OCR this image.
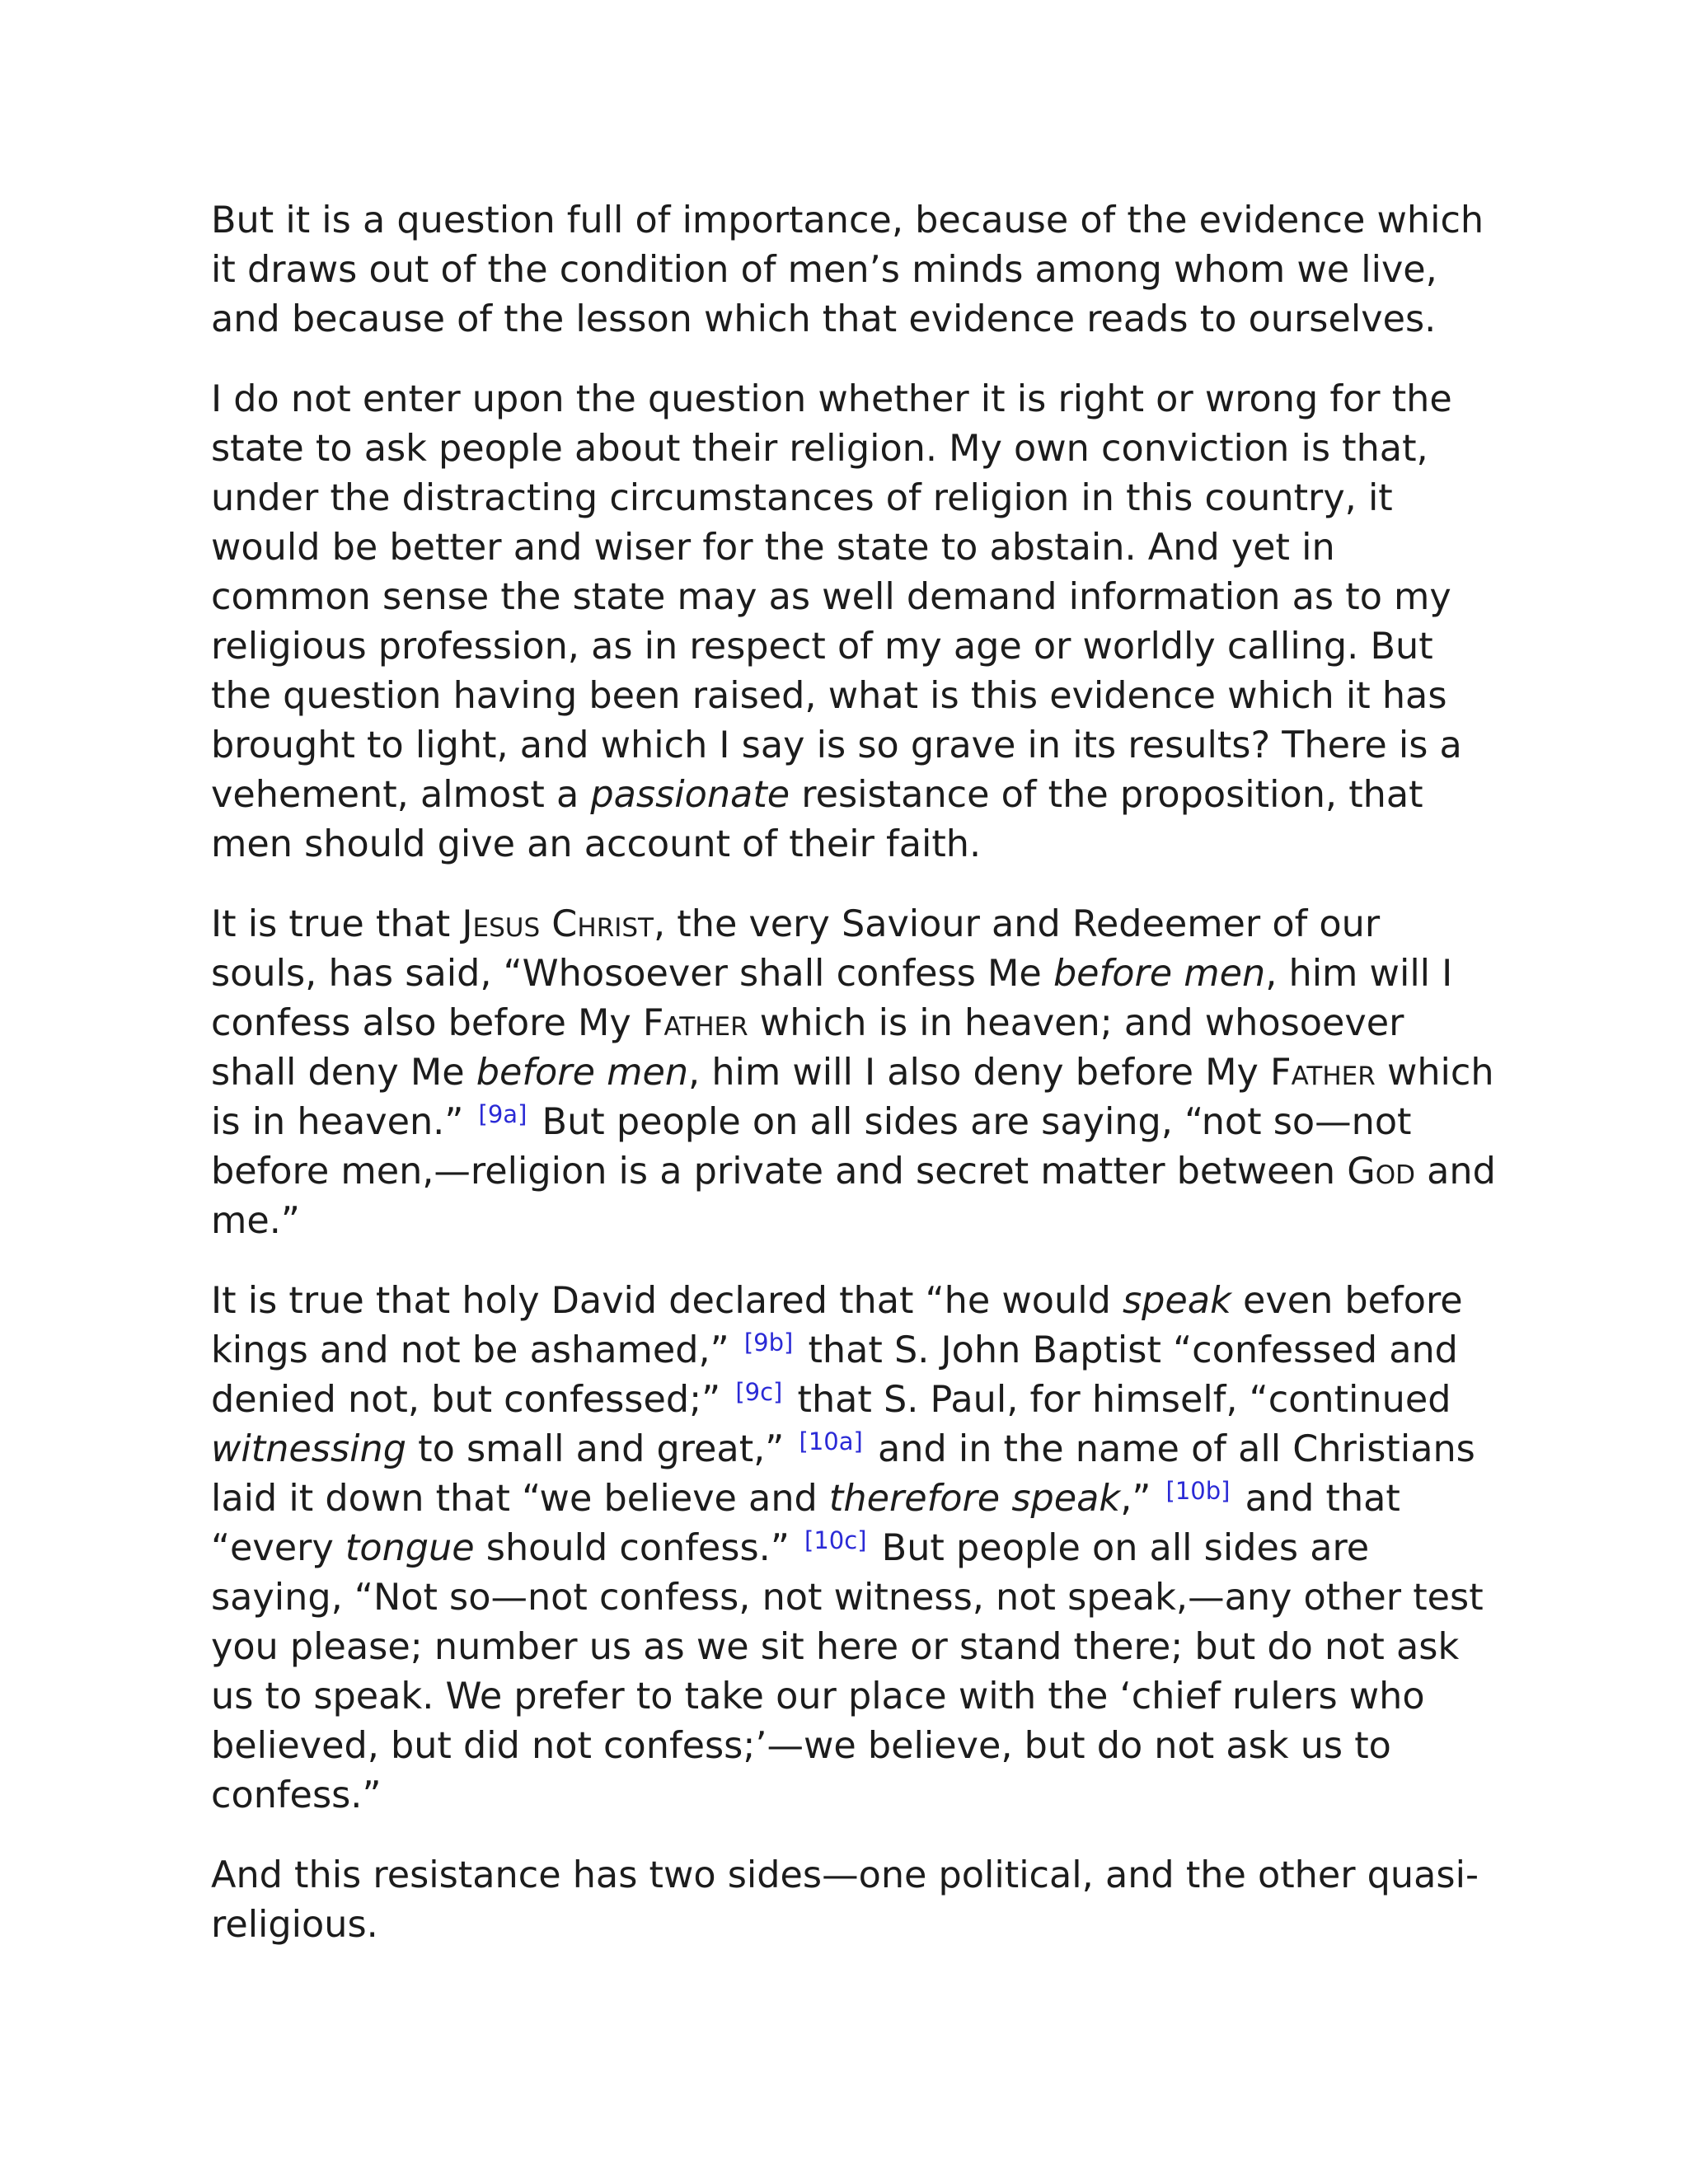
But it is a question full of importance, because of the evidence which it draws out of the condition of men’s minds among whom we live, and because of the lesson which that evidence reads to ourselves.

I do not enter upon the question whether it is right or wrong for the state to ask people about their religion. My own conviction is that, under the distracting circumstances of religion in this country, it would be better and wiser for the state to abstain. And yet in common sense the state may as well demand information as to my religious profession, as in respect of my age or worldly calling. But the question having been raised, what is this evidence which it has brought to light, and which I say is so grave in its results? There is a vehement, almost a passionate resistance of the proposition, that men should give an account of their faith.

It is true that Jesus Christ, the very Saviour and Redeemer of our souls, has said, “Whosoever shall confess Me before men, him will I confess also before My Father which is in heaven; and whosoever shall deny Me before men, him will I also deny before My Father which is in heaven.” [9a] But people on all sides are saying, “not so—not before men,—religion is a private and secret matter between God and me.”

It is true that holy David declared that “he would speak even before kings and not be ashamed,” [9b] that S. John Baptist “confessed and denied not, but confessed;” [9c] that S. Paul, for himself, “continued witnessing to small and great,” [10a] and in the name of all Christians laid it down that “we believe and therefore speak,” [10b] and that “every tongue should confess.” [10c] But people on all sides are saying, “Not so—not confess, not witness, not speak,—any other test you please; number us as we sit here or stand there; but do not ask us to speak. We prefer to take our place with the ‘chief rulers who believed, but did not confess;’—we believe, but do not ask us to confess.”

And this resistance has two sides—one political, and the other quasi-religious.
